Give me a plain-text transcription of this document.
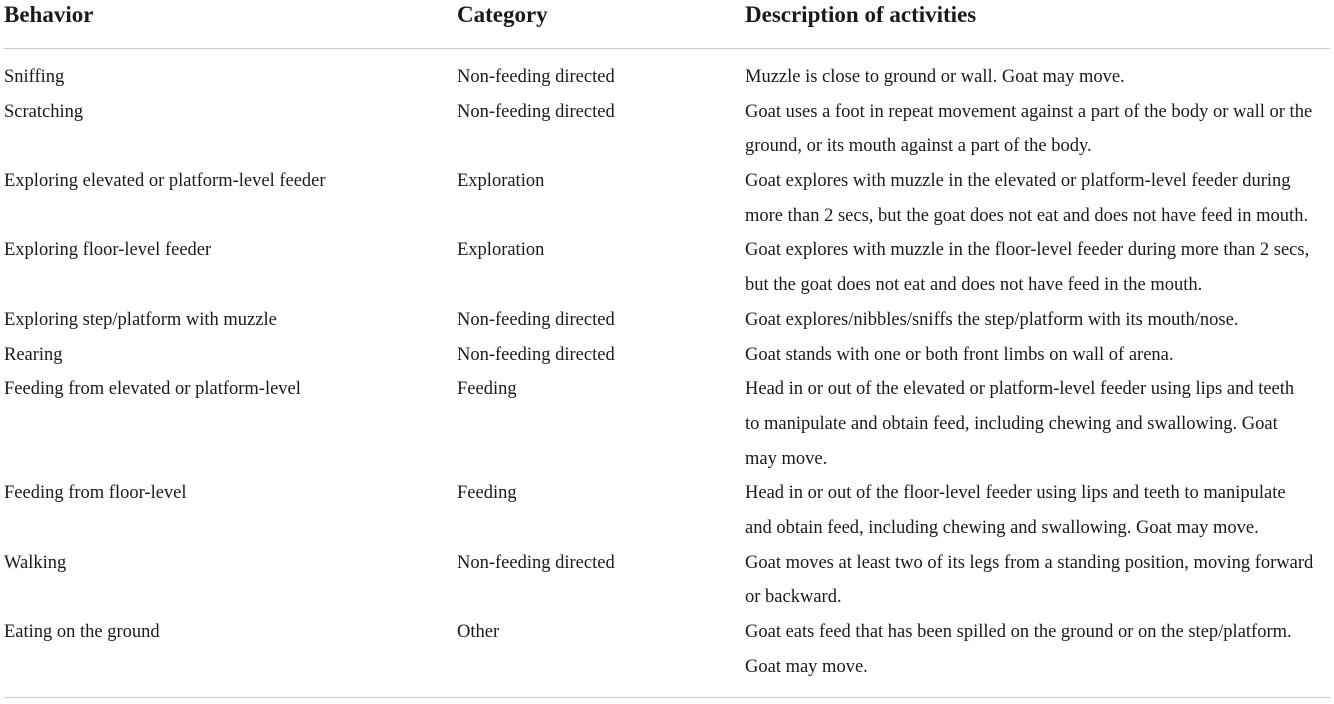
Behavior	Category	Description of activities
Sniffing	Non-feeding directed	Muzzle is close to ground or wall. Goat may move.
Scratching	Non-feeding directed	Goat uses a foot in repeat movement against a part of the body or wall or the
ground, or its mouth against a part of the body.
Exploring elevated or platform-level feeder	Exploration	Goat explores with muzzle in the elevated or platform-level feeder during
more than 2 secs, but the goat does not eat and does not have feed in mouth.
Exploring floor-level feeder	Exploration	Goat explores with muzzle in the floor-level feeder during more than 2 secs,
but the goat does not eat and does not have feed in the mouth.
Exploring step/platform with muzzle	Non-feeding directed	Goat explores/nibbles/sniffs the step/platform with its mouth/nose.
Rearing	Non-feeding directed	Goat stands with one or both front limbs on wall of arena.
Feeding from elevated or platform-level	Feeding	Head in or out of the elevated or platform-level feeder using lips and teeth
to manipulate and obtain feed, including chewing and swallowing. Goat
may move.
Feeding from floor-level	Feeding	Head in or out of the floor-level feeder using lips and teeth to manipulate
and obtain feed, including chewing and swallowing. Goat may move.
Walking	Non-feeding directed	Goat moves at least two of its legs from a standing position, moving forward
or backward.
Eating on the ground	Other	Goat eats feed that has been spilled on the ground or on the step/platform.
Goat may move.
